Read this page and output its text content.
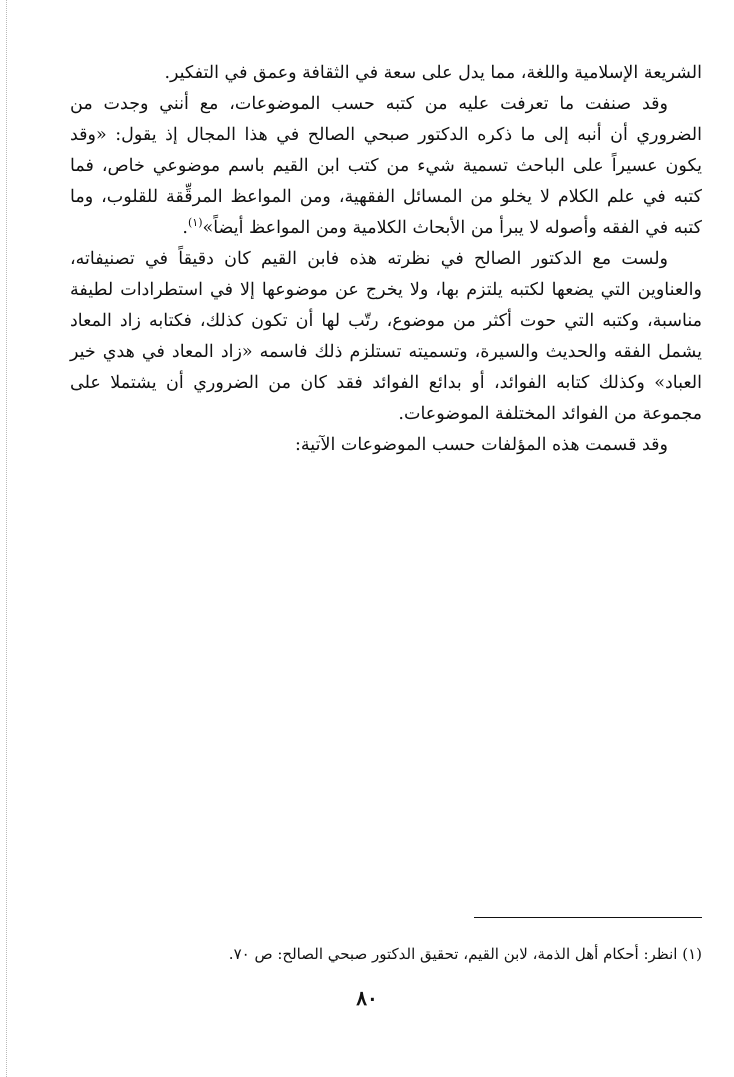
الشريعة الإسلامية واللغة، مما يدل على سعة في الثقافة وعمق في التفكير.

وقد صنفت ما تعرفت عليه من كتبه حسب الموضوعات، مع أنني وجدت من الضروري أن أنبه إلى ما ذكره الدكتور صبحي الصالح في هذا المجال إذ يقول: «وقد يكون عسيراً على الباحث تسمية شيء من كتب ابن القيم باسم موضوعي خاص، فما كتبه في علم الكلام لا يخلو من المسائل الفقهية، ومن المواعظ المرقِّقة للقلوب، وما كتبه في الفقه وأصوله لا يبرأ من الأبحاث الكلامية ومن المواعظ أيضاً»$^{(١)}$.

ولست مع الدكتور الصالح في نظرته هذه فابن القيم كان دقيقاً في تصنيفاته، والعناوين التي يضعها لكتبه يلتزم بها، ولا يخرج عن موضوعها إلا في استطرادات لطيفة مناسبة، وكتبه التي حوت أكثر من موضوع، رتّب لها أن تكون كذلك، فكتابه زاد المعاد يشمل الفقه والحديث والسيرة، وتسميته تستلزم ذلك فاسمه «زاد المعاد في هدي خير العباد» وكذلك كتابه الفوائد، أو بدائع الفوائد فقد كان من الضروري أن يشتملا على مجموعة من الفوائد المختلفة الموضوعات.

وقد قسمت هذه المؤلفات حسب الموضوعات الآتية:

(١) انظر: أحكام أهل الذمة، لابن القيم، تحقيق الدكتور صبحي الصالح: ص ٧٠.
٨٠
